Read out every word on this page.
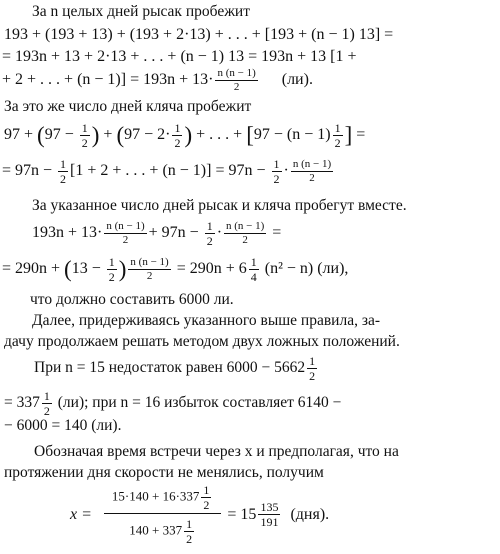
За n целых дней рысак пробежит
193 + (193 + 13) + (193 + 2·13) + . . . + [193 + (n − 1) 13] =
= 193n + 13 + 2·13 + . . . + (n − 1) 13 = 193n + 13 [1 +
+ 2 + . . . + $(n - 1)] = 193n + 13\cdot \frac{n (n - 1)}{2} (ли)$.
За это же число дней кляча пробежит
$97 + (97 - \frac{1}{2}$ ) + ($97 - 2\cdot \frac{1}{2}$ ) + . . . + [$97 - (n - 1) \frac{1}{2}$ ] =
= $97n - \frac{1}{2} [1 + 2$ + . . . + $(n - 1)] = 97n - \frac{1}{2} \cdot \frac{n (n - 1)}{2}$
За указанное число дней рысак и кляча пробегут вместе.
$193n + 13\cdot \frac{n (n - 1)}{2} + 97n - \frac{1}{2} \cdot \frac{n (n - 1)}{2}$ =
= $290n + (13 - \frac{1}{2}$ ) $\frac{n (n - 1)}{2} = 290n + 6 \frac{1}{4} (n^2 - n)$ (ли),
что должно составить 6000 ли.
Далее, придерживаясь указанного выше правила, за-
дачу продолжаем решать методом двух ложных положений.
При n = 15 недостаток равен $6000 - 5662 \frac{1}{2}$
= $337 \frac{1}{2} (ли)$; при n = 16 избыток составляет 6140 −
− 6000 = 140 (ли).
Обозначая время встречи через x и предполагая, что на
протяжении дня скорости не менялись, получим
$x = \frac{15\cdot 140 + 16\cdot 337 \frac{1}{2}}{140 + 337 \frac{1}{2}} = 15 \frac{135}{191} (дня)$.
